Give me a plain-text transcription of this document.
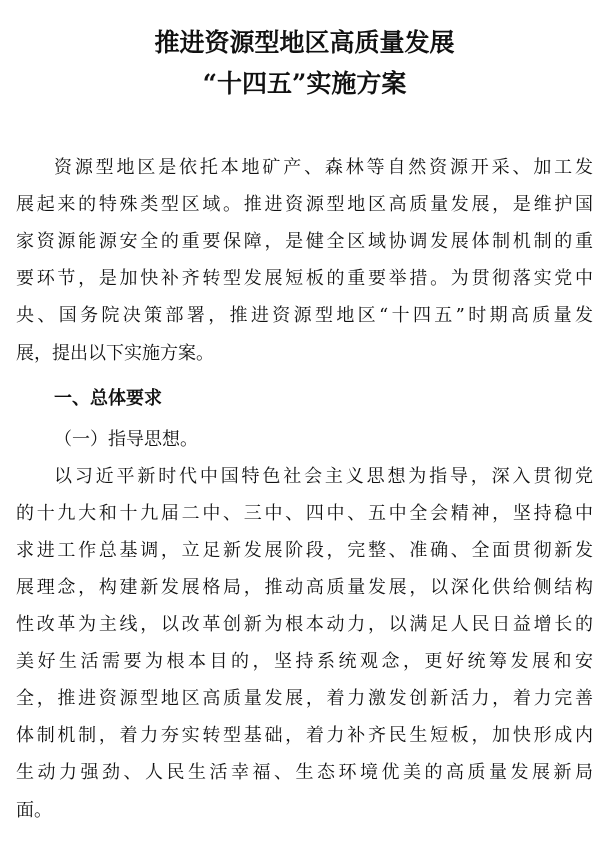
推进资源型地区高质量发展
“十四五”实施方案
资源型地区是依托本地矿产、森林等自然资源开采、加工发
展起来的特殊类型区域。推进资源型地区高质量发展，是维护国
家资源能源安全的重要保障，是健全区域协调发展体制机制的重
要环节，是加快补齐转型发展短板的重要举措。为贯彻落实党中
央、国务院决策部署，推进资源型地区“十四五”时期高质量发
展，提出以下实施方案。
一、总体要求
（一）指导思想。
以习近平新时代中国特色社会主义思想为指导，深入贯彻党
的十九大和十九届二中、三中、四中、五中全会精神，坚持稳中
求进工作总基调，立足新发展阶段，完整、准确、全面贯彻新发
展理念，构建新发展格局，推动高质量发展，以深化供给侧结构
性改革为主线，以改革创新为根本动力，以满足人民日益增长的
美好生活需要为根本目的，坚持系统观念，更好统筹发展和安
全，推进资源型地区高质量发展，着力激发创新活力，着力完善
体制机制，着力夯实转型基础，着力补齐民生短板，加快形成内
生动力强劲、人民生活幸福、生态环境优美的高质量发展新局
面。
